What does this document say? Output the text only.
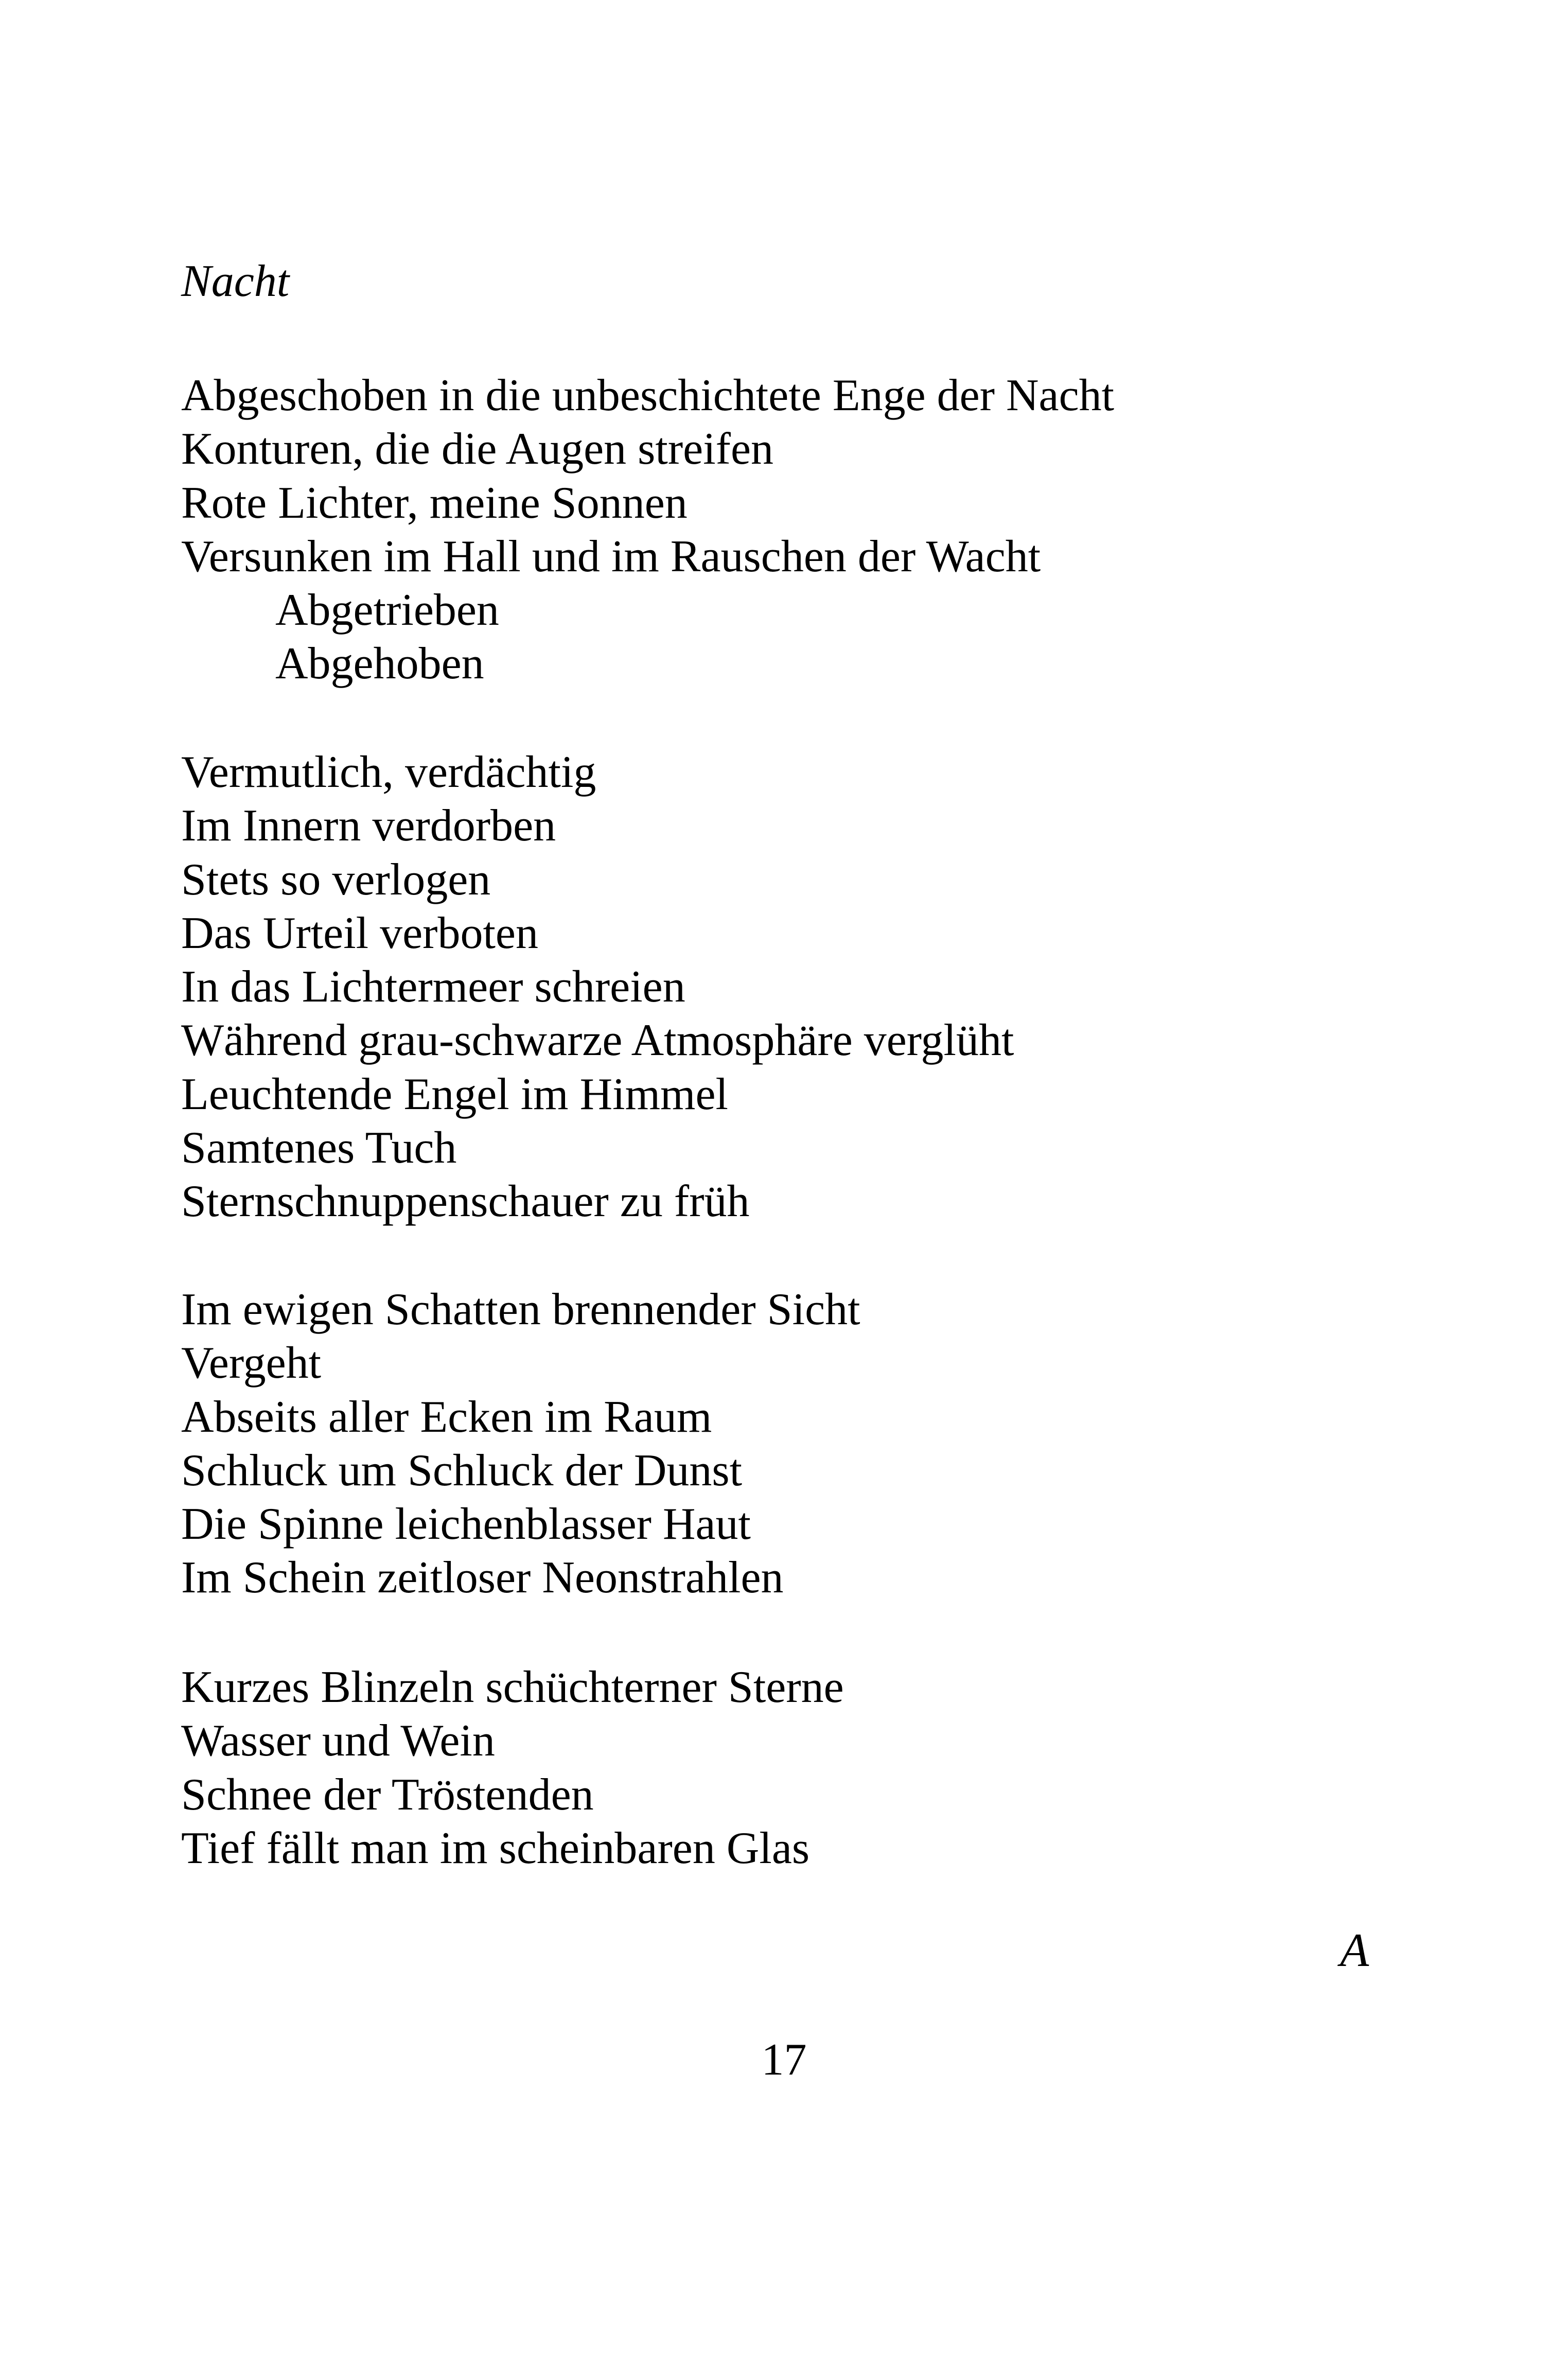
Nacht
Abgeschoben in die unbeschichtete Enge der Nacht
Konturen, die die Augen streifen
Rote Lichter, meine Sonnen
Versunken im Hall und im Rauschen der Wacht
Abgetrieben
Abgehoben
Vermutlich, verdächtig
Im Innern verdorben
Stets so verlogen
Das Urteil verboten
In das Lichtermeer schreien
Während grau-schwarze Atmosphäre verglüht
Leuchtende Engel im Himmel
Samtenes Tuch
Sternschnuppenschauer zu früh
Im ewigen Schatten brennender Sicht
Vergeht
Abseits aller Ecken im Raum
Schluck um Schluck der Dunst
Die Spinne leichenblasser Haut
Im Schein zeitloser Neonstrahlen
Kurzes Blinzeln schüchterner Sterne
Wasser und Wein
Schnee der Tröstenden
Tief fällt man im scheinbaren Glas
A
17
